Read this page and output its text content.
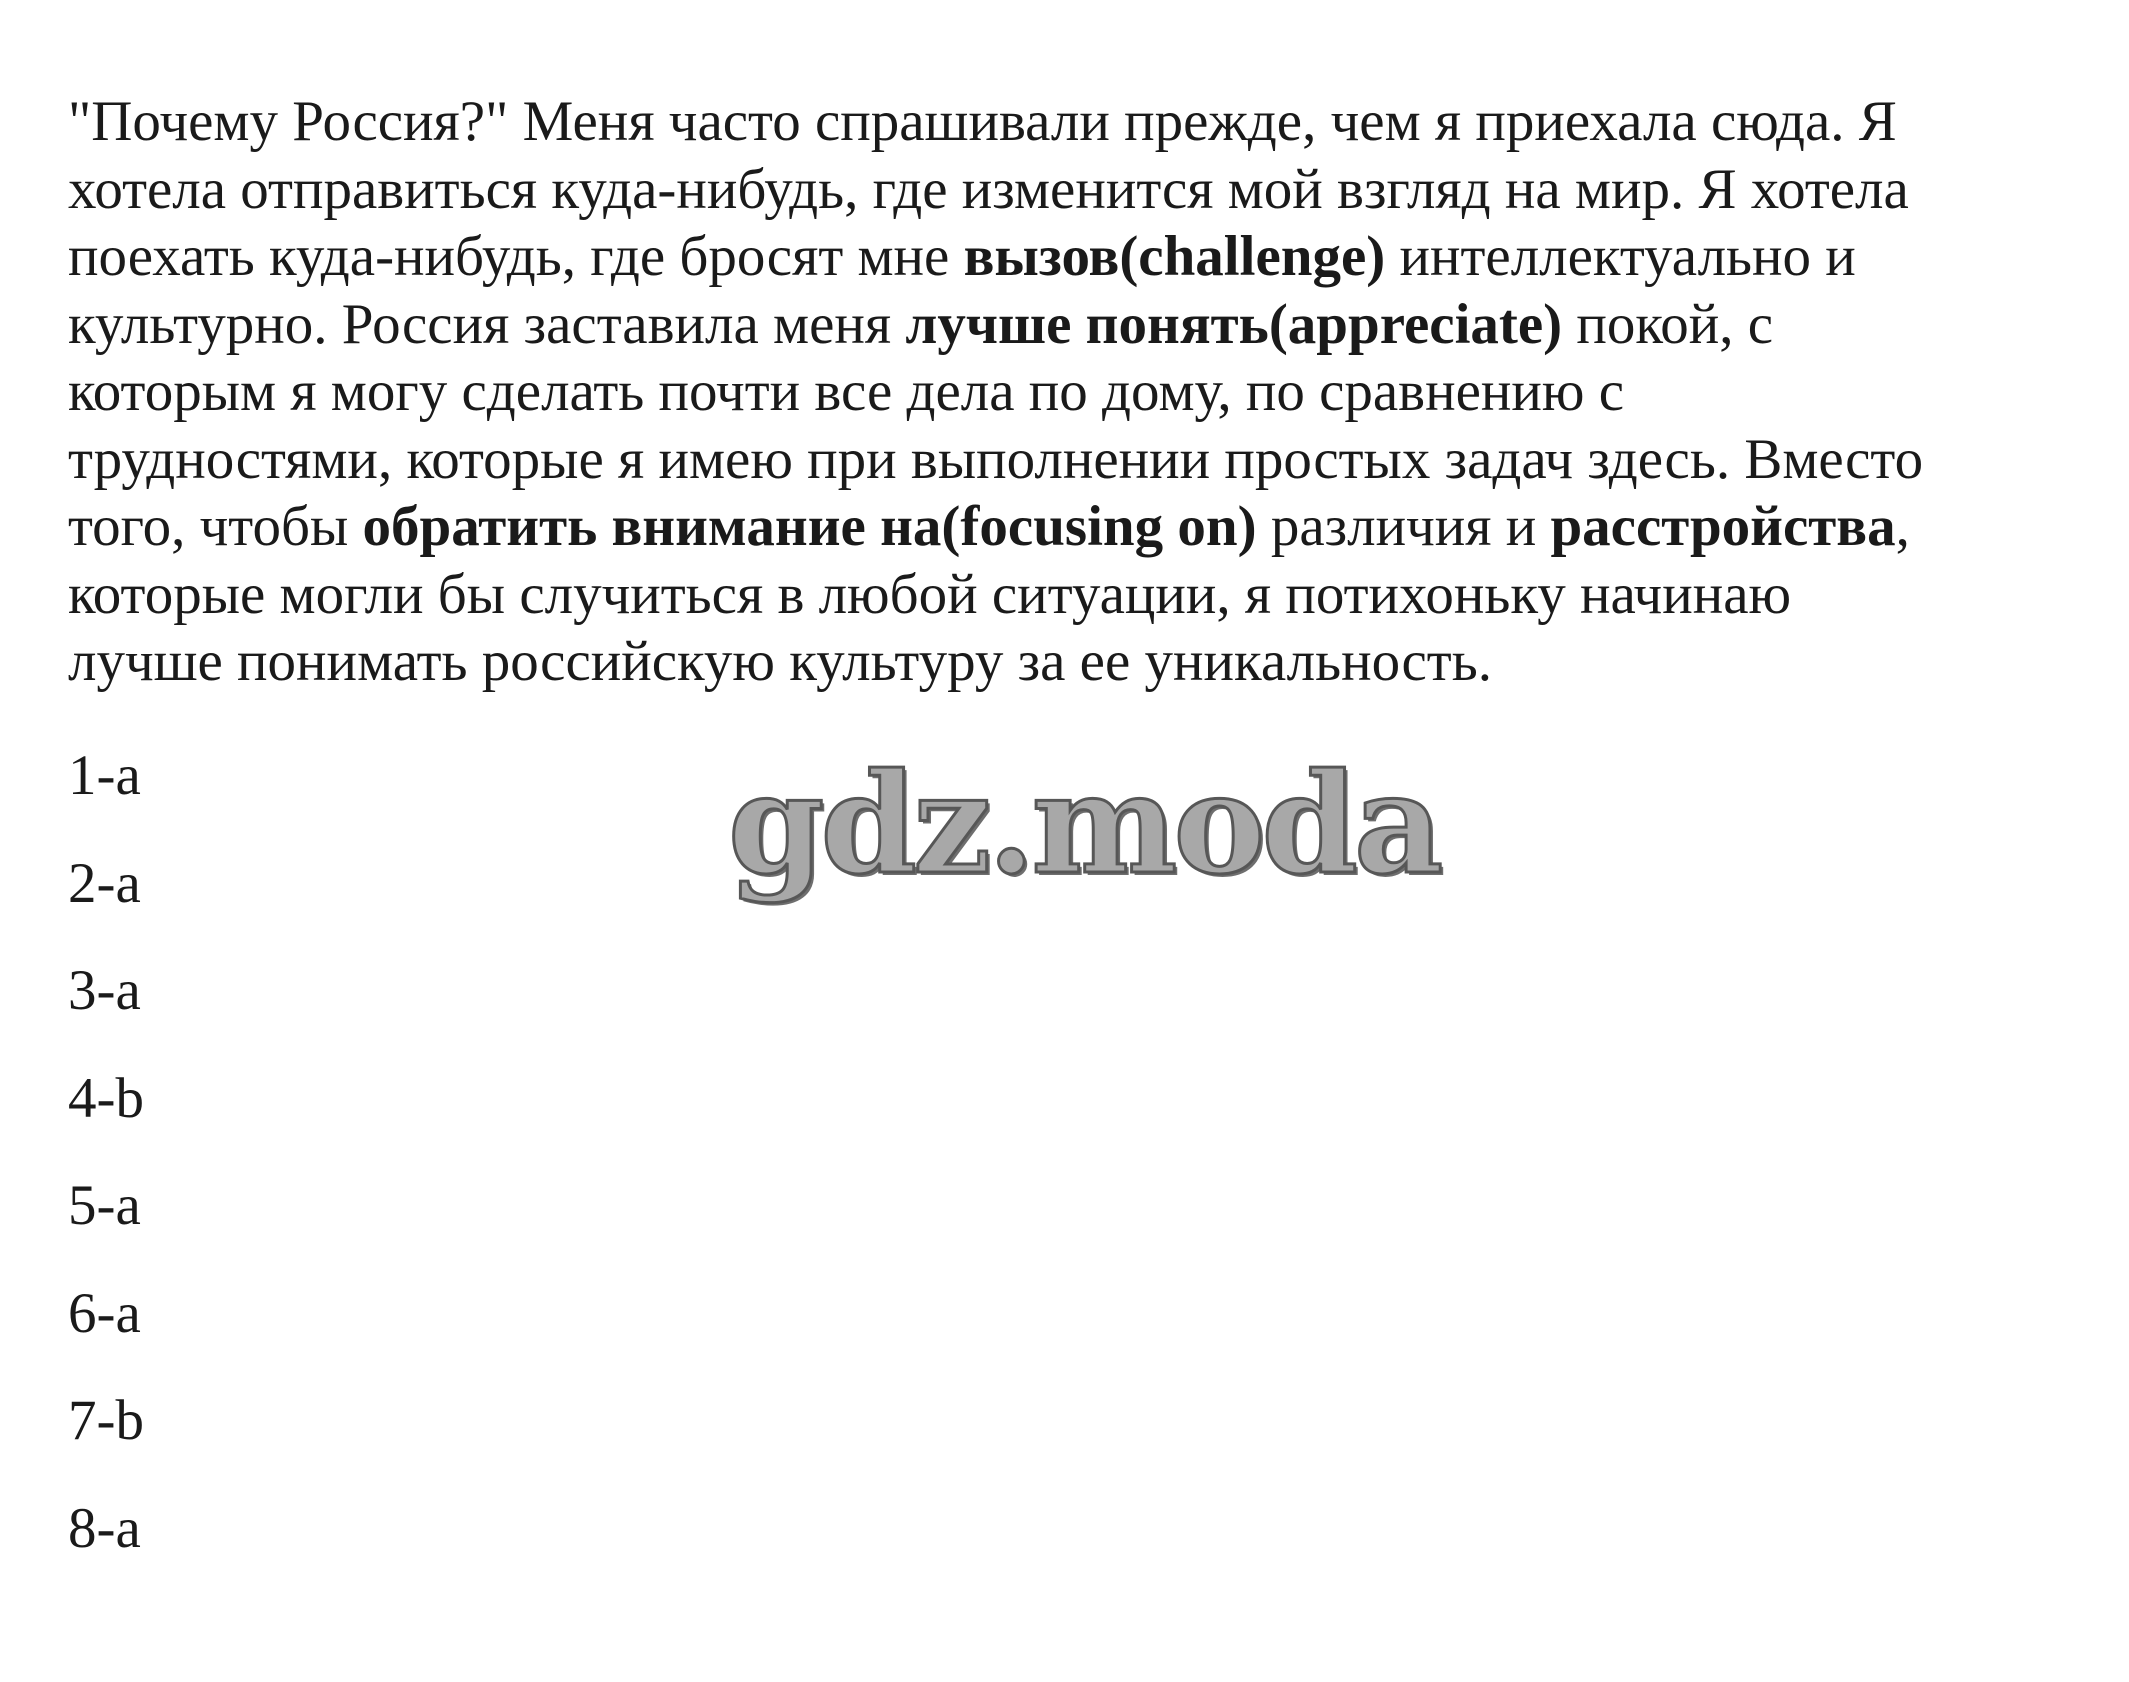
"Почему Россия?" Меня часто спрашивали прежде, чем я приехала сюда. Я
хотела отправиться куда-нибудь, где изменится мой взгляд на мир. Я хотела
поехать куда-нибудь, где бросят мне вызов(challenge) интеллектуально и
культурно. Россия заставила меня лучше понять(appreciate) покой, с
которым я могу сделать почти все дела по дому, по сравнению с
трудностями, которые я имею при выполнении простых задач здесь. Вместо
того, чтобы обратить внимание на(focusing on) различия и расстройства,
которые могли бы случиться в любой ситуации, я потихоньку начинаю
лучше понимать российскую культуру за ее уникальность.

1-a
2-a
3-a
4-b
5-a
6-a
7-b
8-a
gdz.moda
